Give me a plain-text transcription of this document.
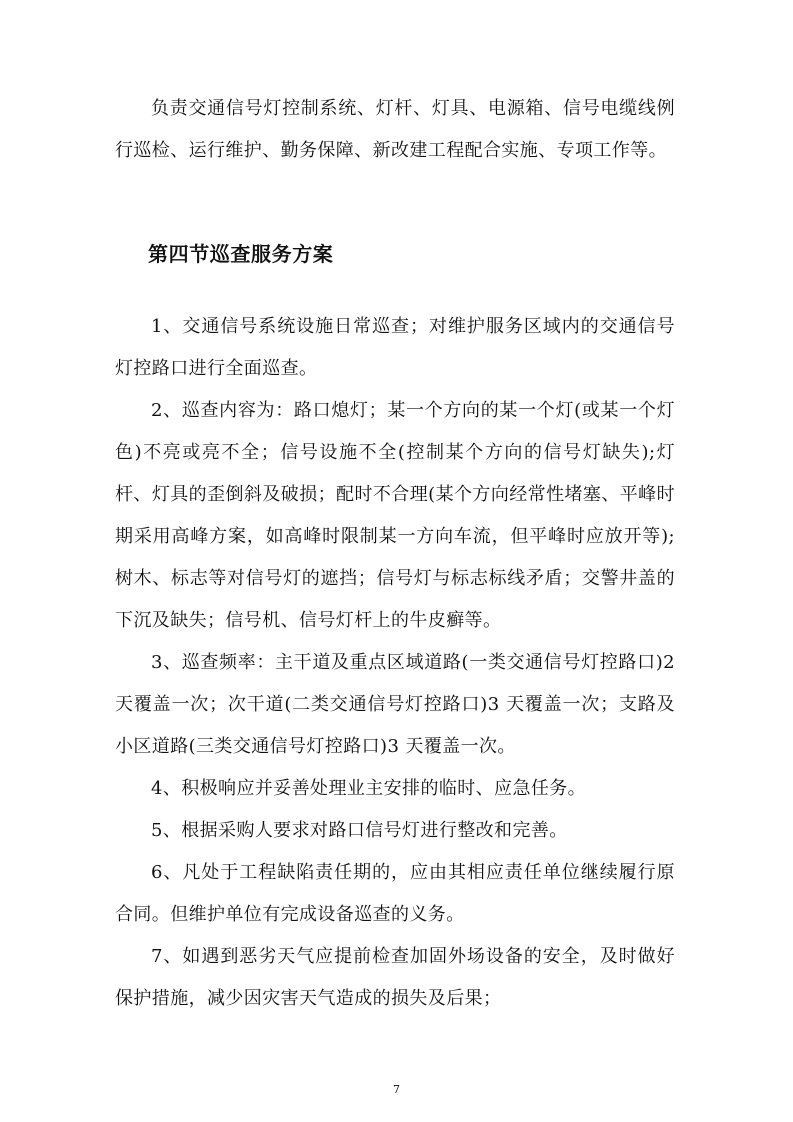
负责交通信号灯控制系统、灯杆、灯具、电源箱、信号电缆线例行巡检、运行维护、勤务保障、新改建工程配合实施、专项工作等。

第四节巡查服务方案

1、交通信号系统设施日常巡查；对维护服务区域内的交通信号灯控路口进行全面巡查。

2、巡查内容为：路口熄灯；某一个方向的某一个灯(或某一个灯色)不亮或亮不全；信号设施不全(控制某个方向的信号灯缺失);灯杆、灯具的歪倒斜及破损；配时不合理(某个方向经常性堵塞、平峰时期采用高峰方案，如高峰时限制某一方向车流，但平峰时应放开等);树木、标志等对信号灯的遮挡；信号灯与标志标线矛盾；交警井盖的下沉及缺失；信号机、信号灯杆上的牛皮癣等。

3、巡查频率：主干道及重点区域道路(一类交通信号灯控路口)2 天覆盖一次；次干道(二类交通信号灯控路口)3 天覆盖一次；支路及小区道路(三类交通信号灯控路口)3 天覆盖一次。

4、积极响应并妥善处理业主安排的临时、应急任务。

5、根据采购人要求对路口信号灯进行整改和完善。

6、凡处于工程缺陷责任期的，应由其相应责任单位继续履行原合同。但维护单位有完成设备巡查的义务。

7、如遇到恶劣天气应提前检查加固外场设备的安全，及时做好保护措施，减少因灾害天气造成的损失及后果；

7
